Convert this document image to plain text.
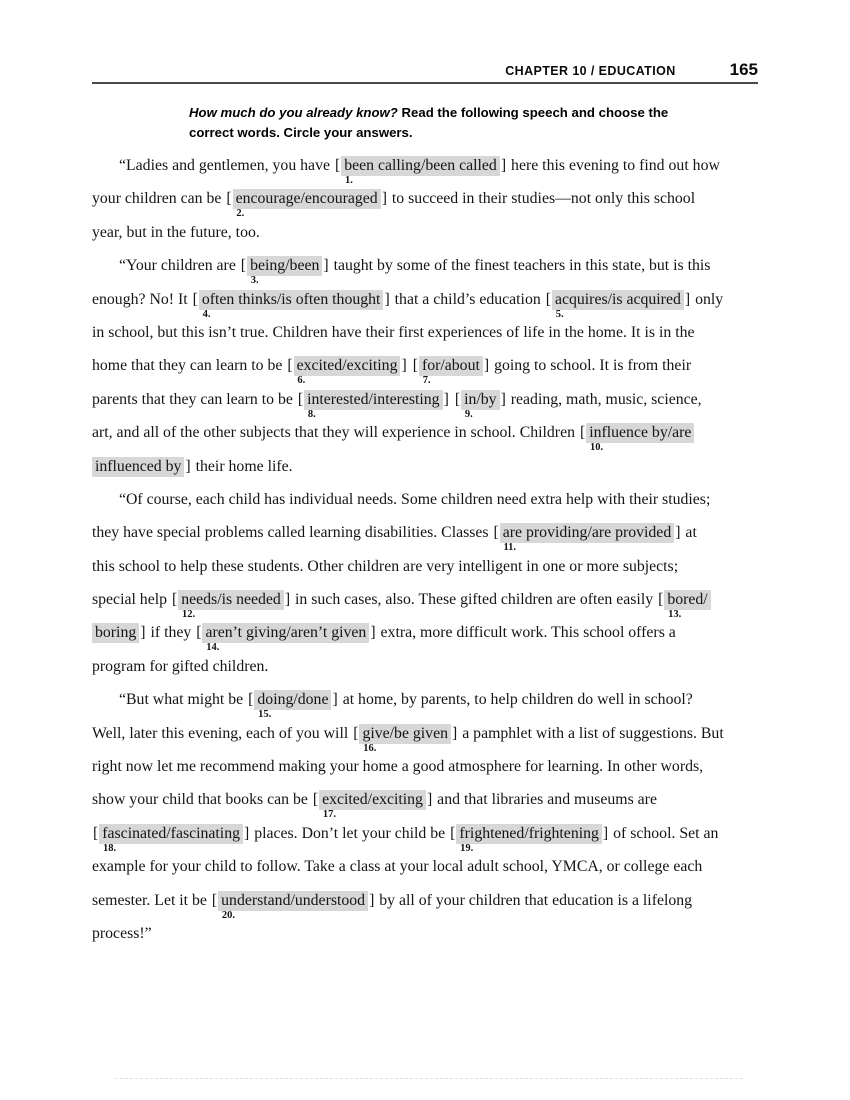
CHAPTER 10 / EDUCATION	165
How much do you already know? Read the following speech and choose the
correct words. Circle your answers.
“Ladies and gentlemen, you have [ been calling/been called ]
1.
here this evening to find out how
your children can be [ encourage/encouraged ]
2.
to succeed in their studies—not only this school
year, but in the future, too.
“Your children are [ being/been ]
3.
taught by some of the finest teachers in this state, but is this
enough? No! It [ often thinks/is often thought ]
4.
that a child’s education [ acquires/is acquired ]
5.
only
in school, but this isn’t true. Children have their first experiences of life in the home. It is in the
home that they can learn to be [ excited/exciting ]
6.
[ for/about ]
7.
going to school. It is from their
parents that they can learn to be [ interested/interesting ]
8.
[ in/by ]
9.
reading, math, music, science,
art, and all of the other subjects that they will experience in school. Children [ influence by/are
10.
influenced by ] their home life.
“Of course, each child has individual needs. Some children need extra help with their studies;
they have special problems called learning disabilities. Classes [ are providing/are provided ]
11.
at
this school to help these students. Other children are very intelligent in one or more subjects;
special help [ needs/is needed ]
12.
in such cases, also. These gifted children are often easily [ bored/
13.
boring ] if they [ aren’t giving/aren’t given ]
14.
extra, more difficult work. This school offers a
program for gifted children.
“But what might be [ doing/done ]
15.
at home, by parents, to help children do well in school?
Well, later this evening, each of you will [ give/be given ]
16.
a pamphlet with a list of suggestions. But
right now let me recommend making your home a good atmosphere for learning. In other words,
show your child that books can be [ excited/exciting ]
17.
and that libraries and museums are
[ fascinated/fascinating ]
18.
places. Don’t let your child be [ frightened/frightening ]
19.
of school. Set an
example for your child to follow. Take a class at your local adult school, YMCA, or college each
semester. Let it be [ understand/understood ]
20.
by all of your children that education is a lifelong
process!”
